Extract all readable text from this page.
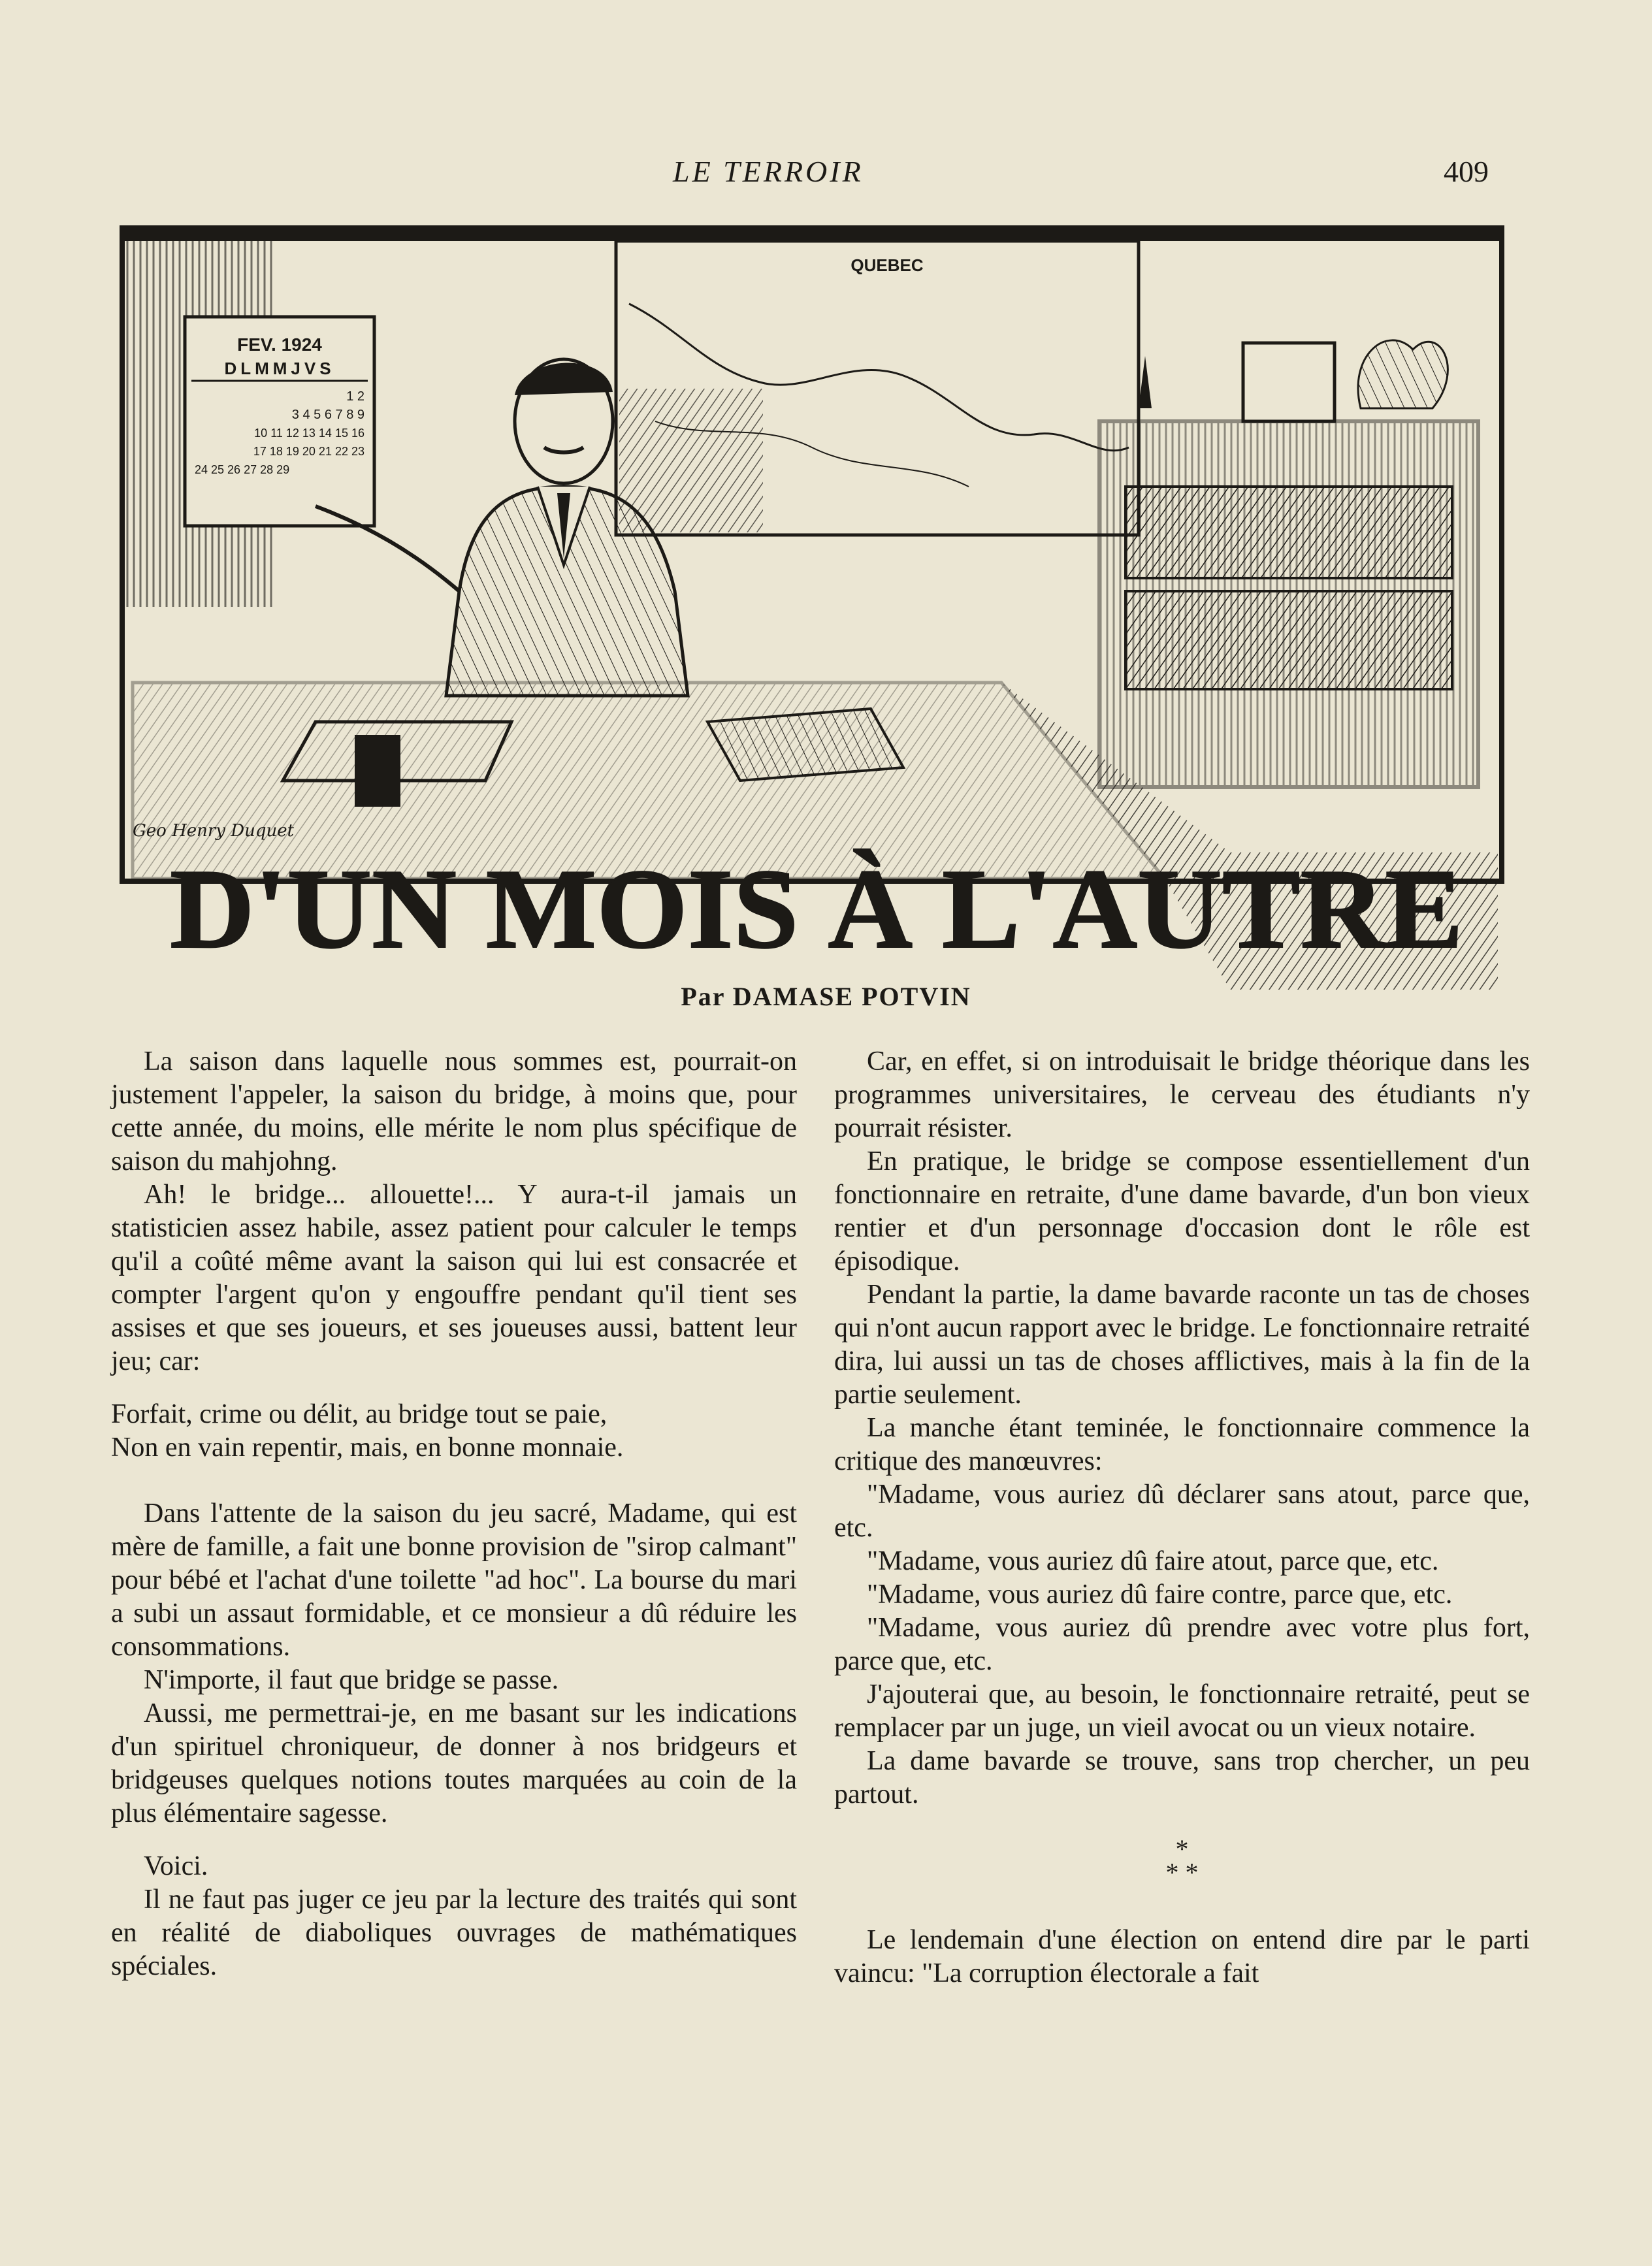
LE TERROIR	409
FEV. 1924
DLMMJVS
1 2
3 4 5 6 7 8 9
10 11 12 13 14 15 16
17 18 19 20 21 22 23
24 25 26 27 28 29
QUEBEC
Geo Henry Duquet
D'UN MOIS À L'AUTRE
Par DAMASE POTVIN

La saison dans laquelle nous sommes est, pourrait-on justement l'appeler, la saison du bridge, à moins que, pour cette année, du moins, elle mérite le nom plus spécifique de saison du mahjohng.

Ah! le bridge... allouette!... Y aura-t-il jamais un statisticien assez habile, assez patient pour calculer le temps qu'il a coûté même avant la saison qui lui est consacrée et compter l'argent qu'on y engouffre pendant qu'il tient ses assises et que ses joueurs, et ses joueuses aussi, battent leur jeu; car:

Forfait, crime ou délit, au bridge tout se paie,

Non en vain repentir, mais, en bonne monnaie.

Dans l'attente de la saison du jeu sacré, Madame, qui est mère de famille, a fait une bonne provision de "sirop calmant" pour bébé et l'achat d'une toilette "ad hoc". La bourse du mari a subi un assaut formidable, et ce monsieur a dû réduire les consommations.

N'importe, il faut que bridge se passe.

Aussi, me permettrai-je, en me basant sur les indications d'un spirituel chroniqueur, de donner à nos bridgeurs et bridgeuses quelques notions toutes marquées au coin de la plus élémentaire sagesse.

Voici.

Il ne faut pas juger ce jeu par la lecture des traités qui sont en réalité de diaboliques ouvrages de mathématiques spéciales.

Car, en effet, si on introduisait le bridge théorique dans les programmes universitaires, le cerveau des étudiants n'y pourrait résister.

En pratique, le bridge se compose essentiellement d'un fonctionnaire en retraite, d'une dame bavarde, d'un bon vieux rentier et d'un personnage d'occasion dont le rôle est épisodique.

Pendant la partie, la dame bavarde raconte un tas de choses qui n'ont aucun rapport avec le bridge. Le fonctionnaire retraité dira, lui aussi un tas de choses afflictives, mais à la fin de la partie seulement.

La manche étant teminée, le fonctionnaire commence la critique des manœuvres:

"Madame, vous auriez dû déclarer sans atout, parce que, etc.

"Madame, vous auriez dû faire atout, parce que, etc.

"Madame, vous auriez dû faire contre, parce que, etc.

"Madame, vous auriez dû prendre avec votre plus fort, parce que, etc.

J'ajouterai que, au besoin, le fonctionnaire retraité, peut se remplacer par un juge, un vieil avocat ou un vieux notaire.

La dame bavarde se trouve, sans trop chercher, un peu partout.

*
* *

Le lendemain d'une élection on entend dire par le parti vaincu: "La corruption électorale a fait
